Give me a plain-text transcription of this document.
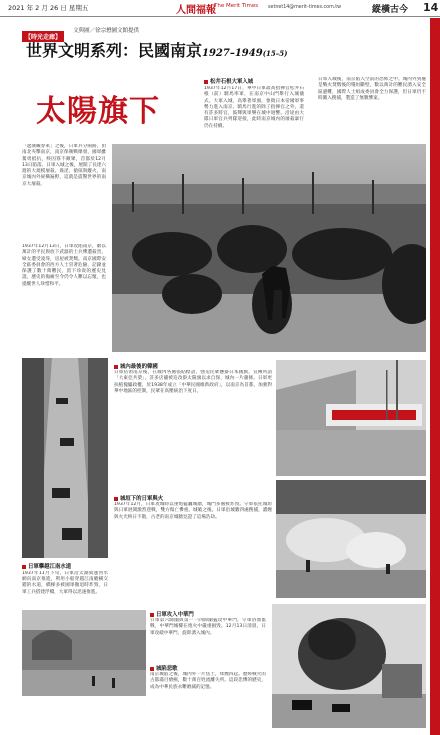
2021 年 2 月 26 日 星期五	人間福報
The Merit Times setnet14@merit-times.com.tw	縱橫古今 14
【時光走廊】 文與圖／徐宗懋圖文館提供
世界文明系列：民國南京1927–1949(15–5)
太陽旗下
松井石根大軍入城
1937年12月17日，華中日軍最高指揮官松井石根（前）騎馬率軍，在南京中山門舉行入城儀式。大軍入城，高舉著軍旗，象徵日本帝國軍事勢力進入南京。騎馬行進的除了指揮官之外，還有許多將官，鼓聲與軍樂在城中迴響。沿途由大隊日軍官兵列隊迎接，此時南京城內的屠殺暴行仍在持續。
日軍入城後，南京陷入空前的恐怖之中。城內外到處是戰火焚燬後的殘垣斷壁，數以萬計的難民湧入安全區避難，國際人士組成委員會全力保護，但日軍仍不時闖入搜捕，製造了無數慘案。
「遮漢曦春萊」之後，日軍兵分兩路，由南北夾擊南京，南京保衛戰爆發，國軍雖奮勇抵抗，終因寡不敵眾，首都於12月13日陷落。日軍入城之後，展開了長達六週的大規模屠殺、姦淫、搶掠與縱火，南京城內外屍橫遍野，這就是震驚世界的南京大屠殺。
1937年12月13日，日軍攻陷南京，數以萬計的平民與放下武器的士兵慘遭殺害，婦女遭受凌辱，房屋被焚燬。南京國際安全區委員會的西方人士冒著危險，記錄並保護了數十萬難民，留下珍貴的歷史見證。歷史的傷痛至今仍令人難以忘懷，也提醒世人珍惜和平。
日軍攀越江南水道
1937年11月下旬，日軍沿太湖與運河水網向南京推進，利用小船穿越江南縱橫交錯的水道，橋樑多被國軍撤退時炸毀，日軍工兵搭建浮橋，大軍得以迅速推進。
城內最後的韓國
日軍佔領南京後，在城內各處張貼標語，強迫民眾懸掛日本國旗，宣傳所謂「大東亞共榮」。許多店舖被迫改掛太陽旗以求自保，城內一片蕭條。日軍更扶植傀儡政權，於1938年成立「中華民國維新政府」，以南京為首都，加強對華中地區的控制，民眾在高壓統治下度日。
城垣下的日軍與火
1937年12月，日軍攻城時以重炮猛轟城牆，城門多處被炸毀。守軍依托城垣與日軍展開激烈巷戰，雙方傷亡慘重。城破之後，日軍沿城牆四處搜捕，濃煙與火光終日不散，古老的南京城牆見證了這場浩劫。
日軍攻入中華門
日軍第六師團與第一一四師團猛攻中華門，守軍浴血奮戰，中華門城樓在炮火中嚴重損毀。12月13日清晨，日軍攻破中華門，旋即湧入城內。
城陷悲歌
南京城陷之後，城內外一片焦土，烽煙四起。歷經戰火的古都滿目瘡痍，數十萬百姓流離失所。這段悲慘的歷史，成為中華民族永難磨滅的記憶。
